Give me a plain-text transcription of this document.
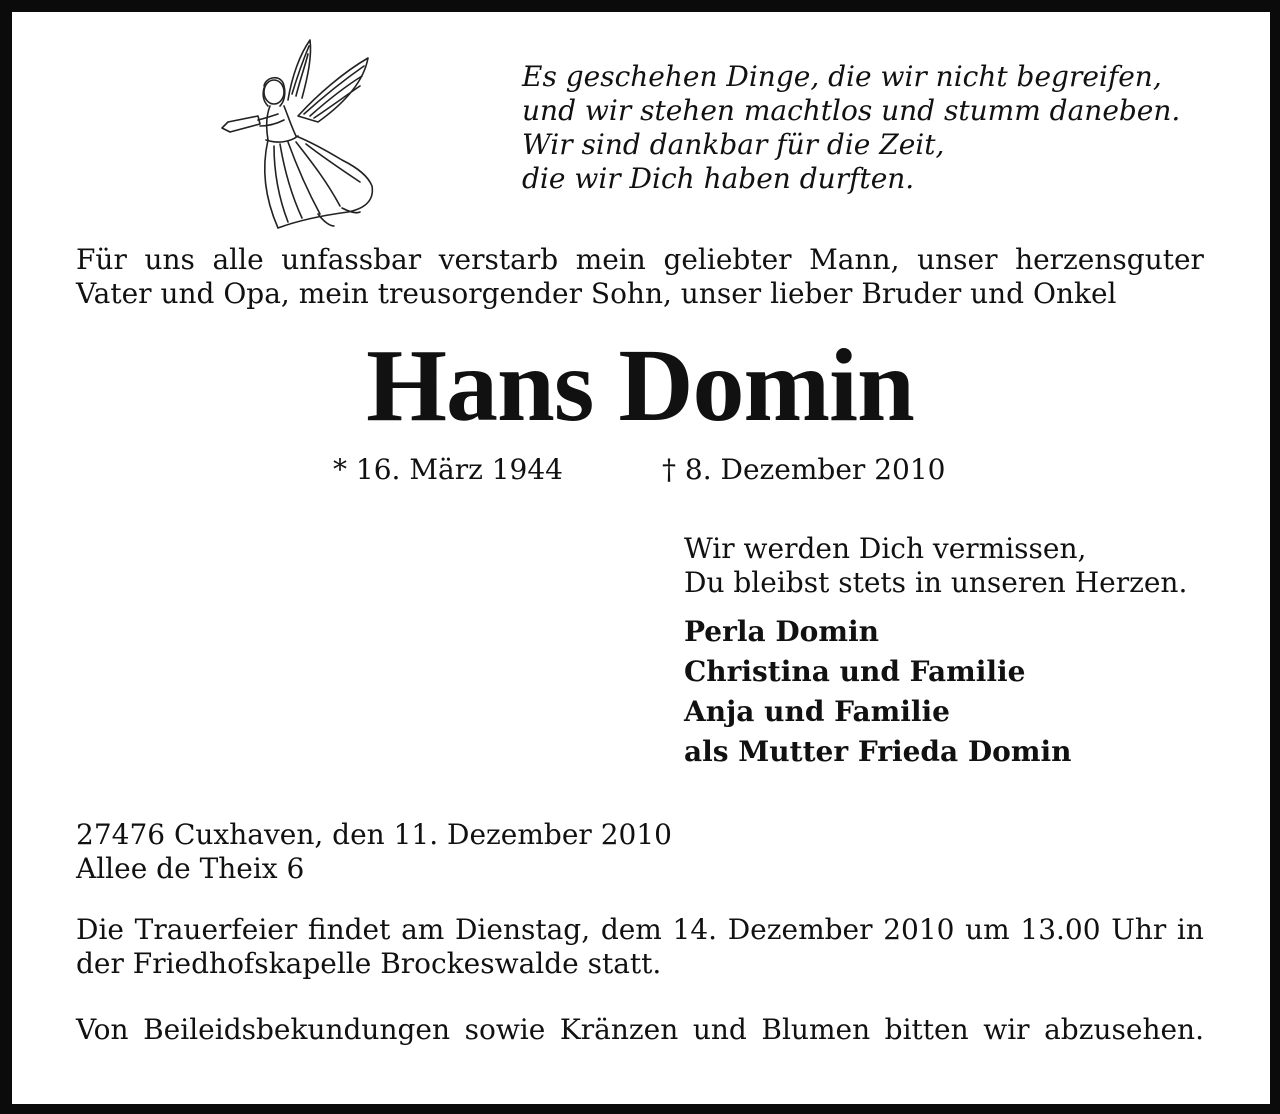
Es geschehen Dinge, die wir nicht begreifen,
und wir stehen machtlos und stumm daneben.
Wir sind dankbar für die Zeit,
die wir Dich haben durften.
Für uns alle unfassbar verstarb mein geliebter Mann, unser herzensguter
Vater und Opa, mein treusorgender Sohn, unser lieber Bruder und Onkel
Hans Domin
* 16. März 1944	† 8. Dezember 2010
Wir werden Dich vermissen,
Du bleibst stets in unseren Herzen.
Perla Domin
Christina und Familie
Anja und Familie
als Mutter Frieda Domin
27476 Cuxhaven, den 11. Dezember 2010
Allee de Theix 6
Die Trauerfeier findet am Dienstag, dem 14. Dezember 2010 um 13.00 Uhr in
der Friedhofskapelle Brockeswalde statt.
Von Beileidsbekundungen sowie Kränzen und Blumen bitten wir abzusehen.
